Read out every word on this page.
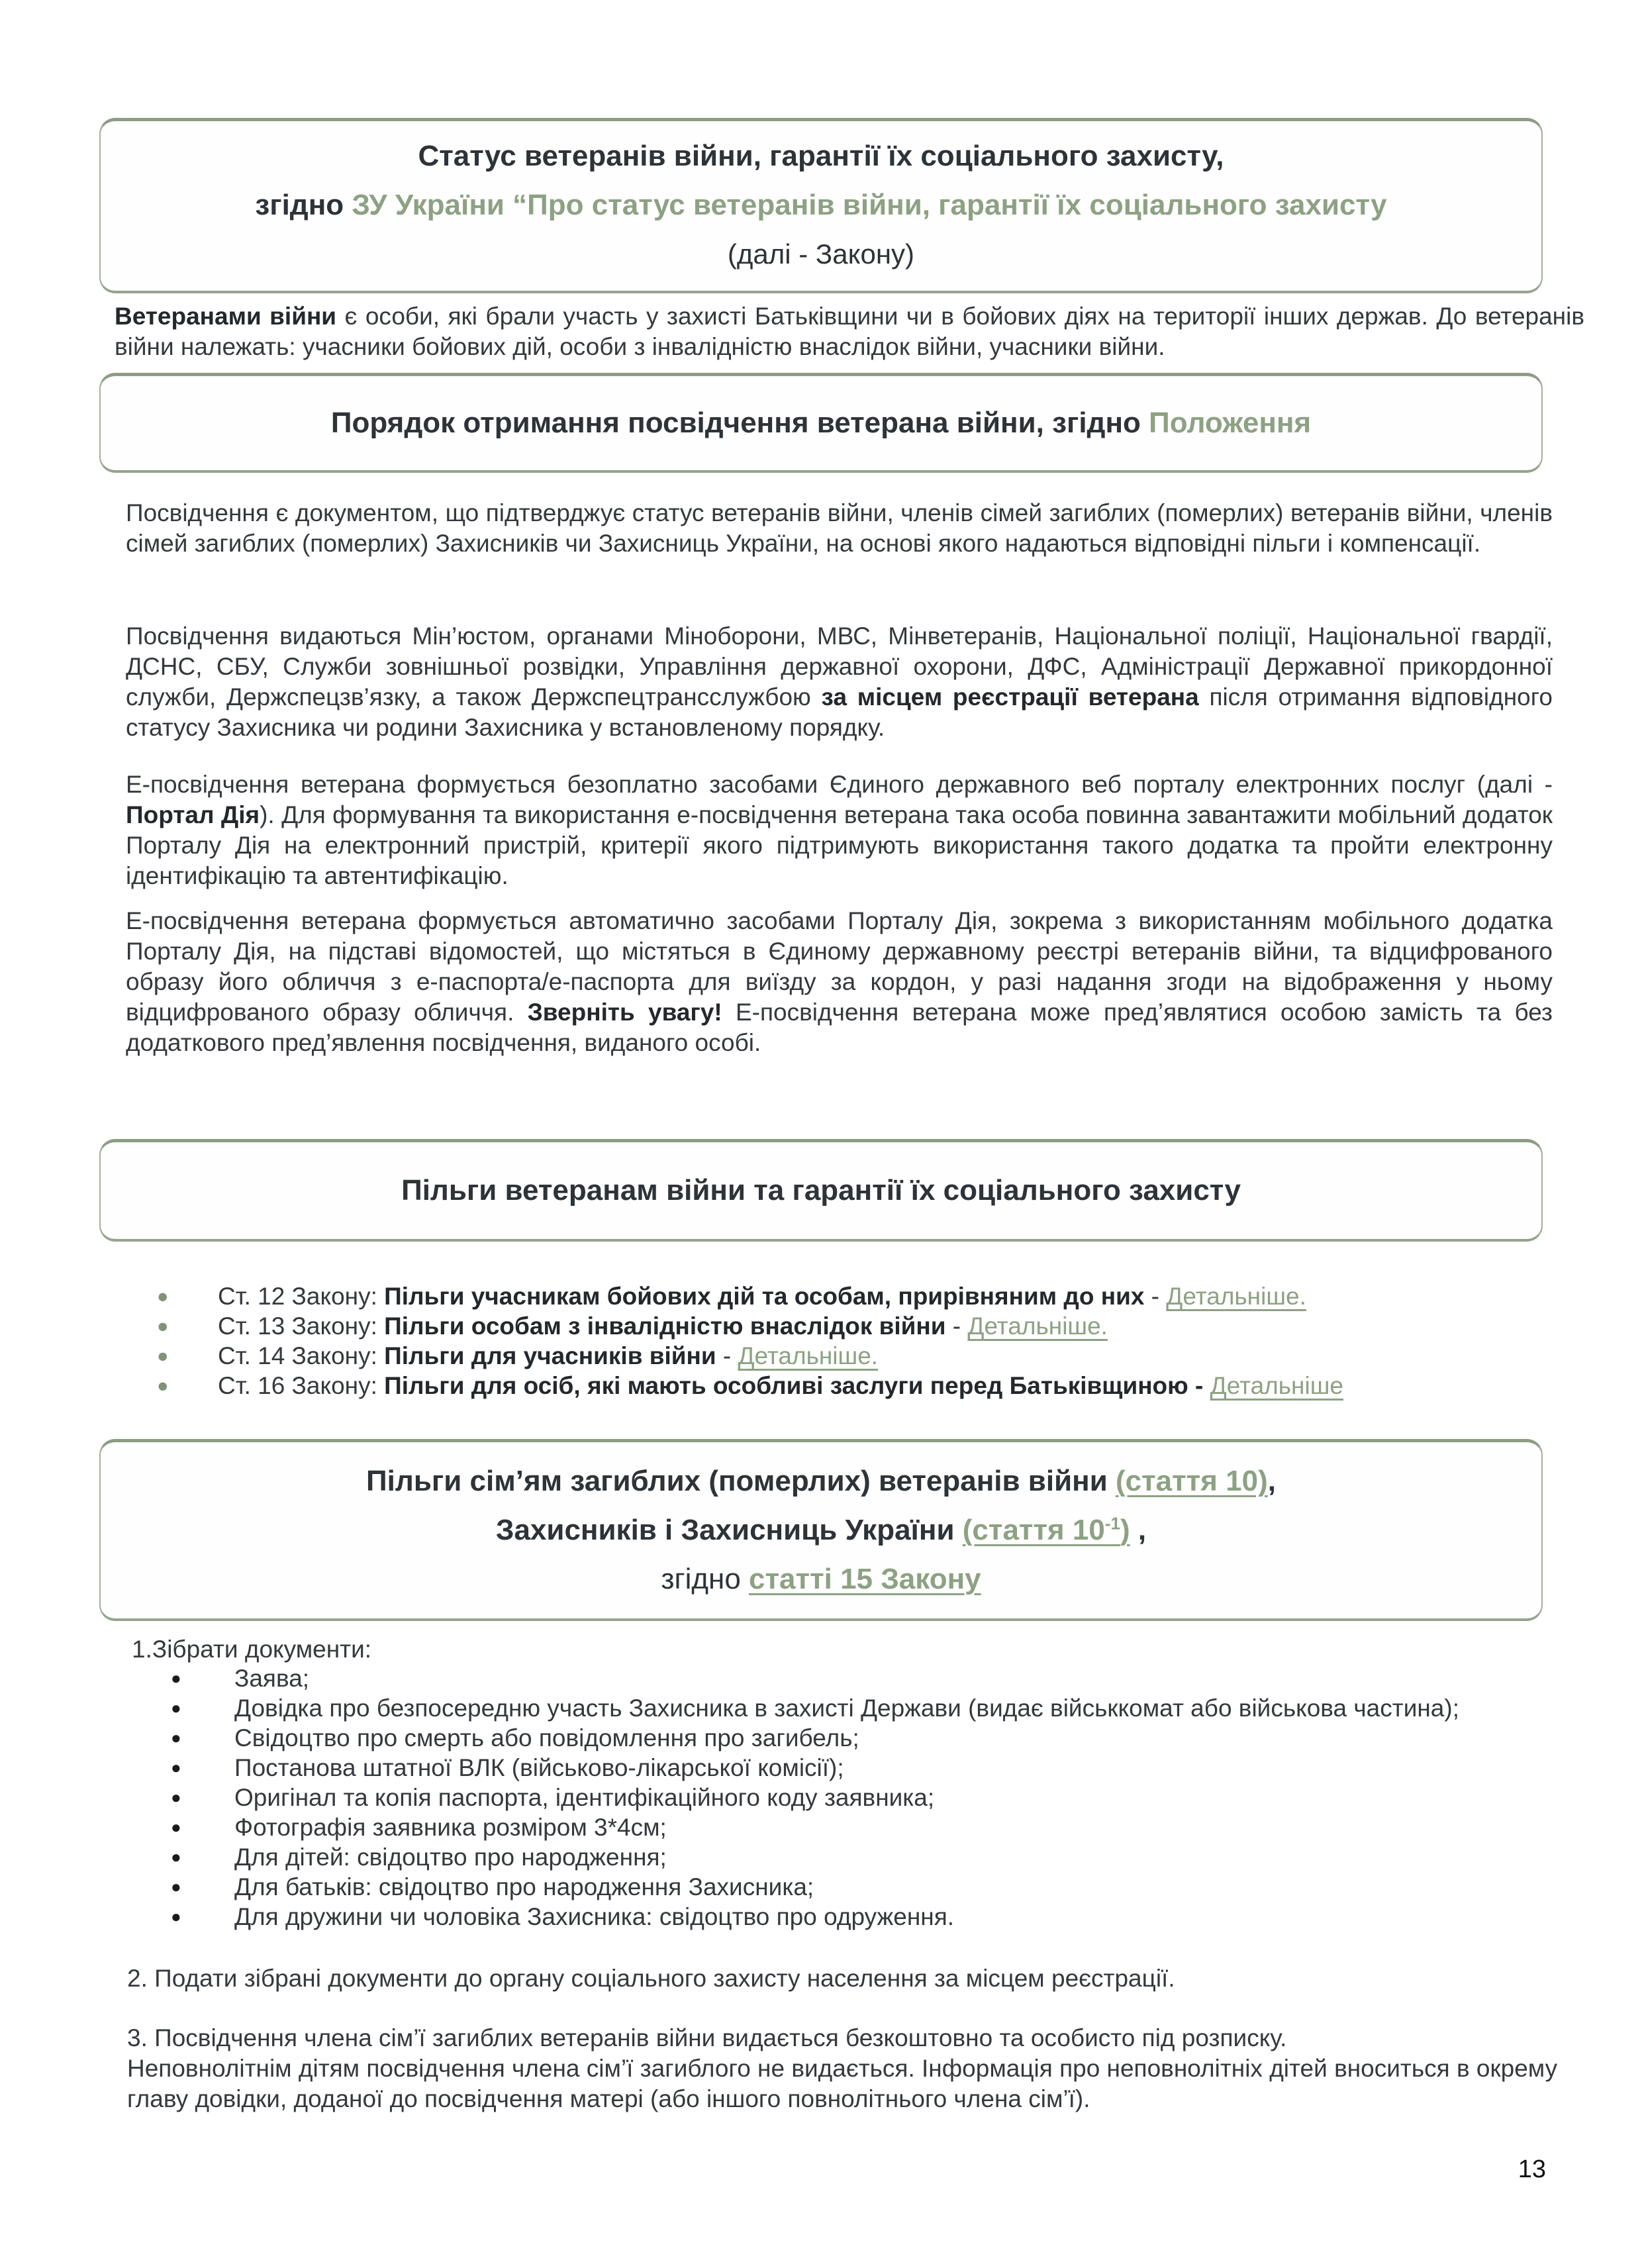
Статус ветеранів війни, гарантії їх соціального захисту,

згідно ЗУ України “Про статус ветеранів війни, гарантії їх соціального захисту

(далі - Закону)

Ветеранами війни є особи, які брали участь у захисті Батьківщини чи в бойових діях на території інших держав. До ветеранів війни належать: учасники бойових дій, особи з інвалідністю внаслідок війни, учасники війни.

Порядок отримання посвідчення ветерана війни, згідно Положення

Посвідчення є документом, що підтверджує статус ветеранів війни, членів сімей загиблих (померлих) ветеранів війни, членів сімей загиблих (померлих) Захисників чи Захисниць України, на основі якого надаються відповідні пільги і компенсації.

Посвідчення видаються Мін’юстом, органами Міноборони, МВС, Мінветеранів, Національної поліції, Національної гвардії, ДСНС, СБУ, Служби зовнішньої розвідки, Управління державної охорони, ДФС, Адміністрації Державної прикордонної служби, Держспецзв’язку, а також Держспецтрансслужбою за місцем реєстрації ветерана після отримання відповідного статусу Захисника чи родини Захисника у встановленому порядку.

Е-посвідчення ветерана формується безоплатно засобами Єдиного державного веб порталу електронних послуг (далі - Портал Дія). Для формування та використання е-посвідчення ветерана така особа повинна завантажити мобільний додаток Порталу Дія на електронний пристрій, критерії якого підтримують використання такого додатка та пройти електронну ідентифікацію та автентифікацію.

Е-посвідчення ветерана формується автоматично засобами Порталу Дія, зокрема з використанням мобільного додатка Порталу Дія, на підставі відомостей, що містяться в Єдиному державному реєстрі ветеранів війни, та відцифрованого образу його обличчя з е-паспорта/е-паспорта для виїзду за кордон, у разі надання згоди на відображення у ньому відцифрованого образу обличчя. Зверніть увагу! Е-посвідчення ветерана може пред’являтися особою замість та без додаткового пред’явлення посвідчення, виданого особі.

Пільги ветеранам війни та гарантії їх соціального захисту

● Ст. 12 Закону: Пільги учасникам бойових дій та особам, прирівняним до них - Детальніше.
● Ст. 13 Закону: Пільги особам з інвалідністю внаслідок війни - Детальніше.
● Ст. 14 Закону: Пільги для учасників війни - Детальніше.
● Ст. 16 Закону: Пільги для осіб, які мають особливі заслуги перед Батьківщиною - Детальніше

Пільги сім’ям загиблих (померлих) ветеранів війни (стаття 10),

Захисників і Захисниць України (стаття $10^{-1}$) ,

згідно статті 15 Закону

1.Зібрати документи:

● Заява;
● Довідка про безпосередню участь Захисника в захисті Держави (видає військкомат або військова частина);
● Свідоцтво про смерть або повідомлення про загибель;
● Постанова штатної ВЛК (військово-лікарської комісії);
● Оригінал та копія паспорта, ідентифікаційного коду заявника;
● Фотографія заявника розміром 3*4см;
● Для дітей: свідоцтво про народження;
● Для батьків: свідоцтво про народження Захисника;
● Для дружини чи чоловіка Захисника: свідоцтво про одруження.

2. Подати зібрані документи до органу соціального захисту населення за місцем реєстрації.

3. Посвідчення члена сім’ї загиблих ветеранів війни видається безкоштовно та особисто під розписку.
Неповнолітнім дітям посвідчення члена сім’ї загиблого не видається. Інформація про неповнолітніх дітей вноситься в окрему главу довідки, доданої до посвідчення матері (або іншого повнолітнього члена сім’ї).

13
